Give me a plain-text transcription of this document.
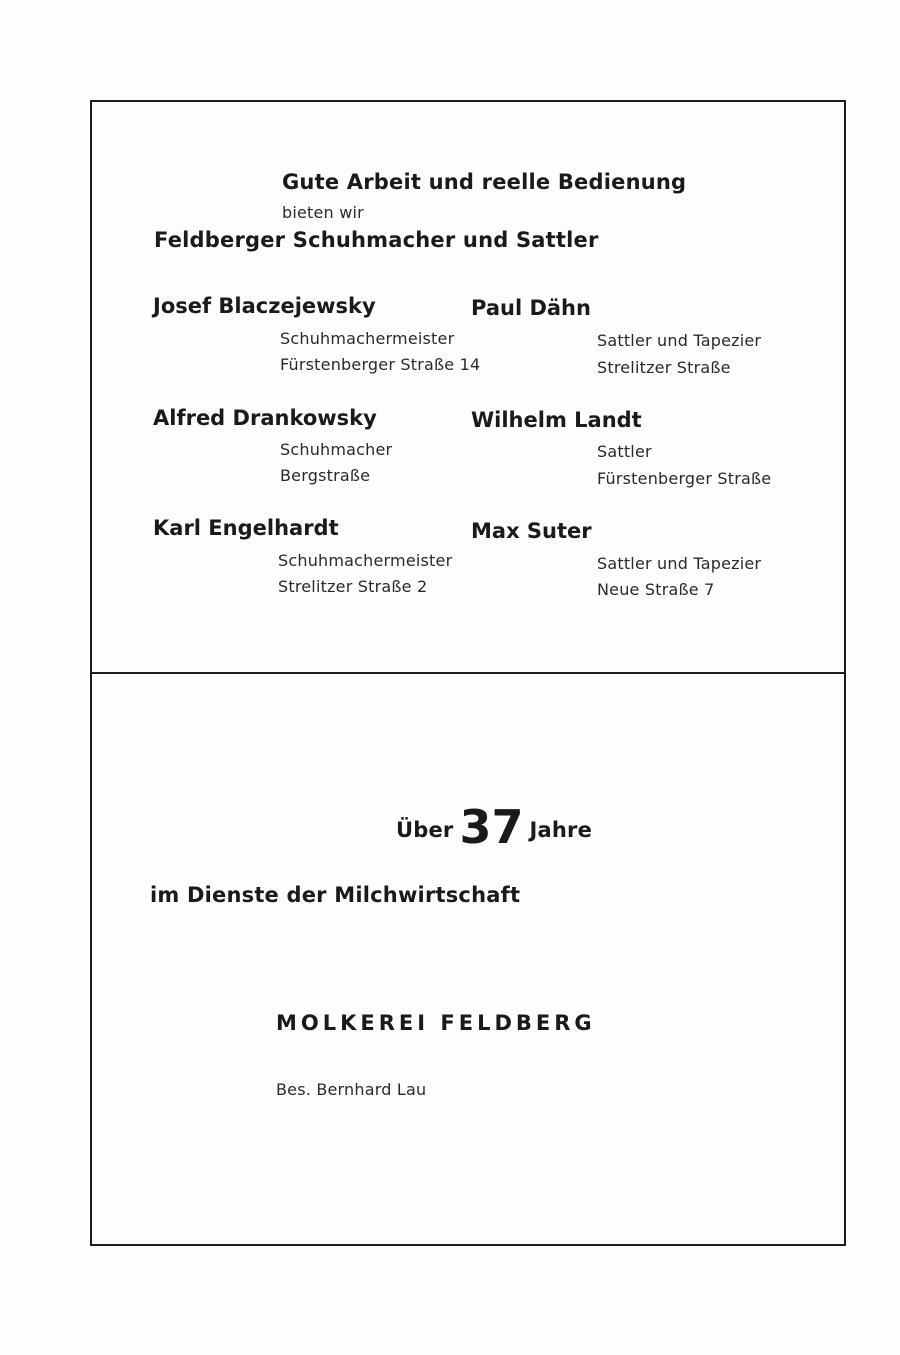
Gute Arbeit und reelle Bedienung

bieten wir

Feldberger Schuhmacher und Sattler
Josef Blaczejewsky
Schuhmachermeister
Fürstenberger Straße 14
Alfred Drankowsky
Schuhmacher
Bergstraße
Karl Engelhardt
Schuhmachermeister
Strelitzer Straße 2
Paul Dähn
Sattler und Tapezier
Strelitzer Straße
Wilhelm Landt
Sattler
Fürstenberger Straße
Max Suter
Sattler und Tapezier
Neue Straße 7
Über 37 Jahre
im Dienste der Milchwirtschaft
MOLKEREI FELDBERG
Bes. Bernhard Lau
